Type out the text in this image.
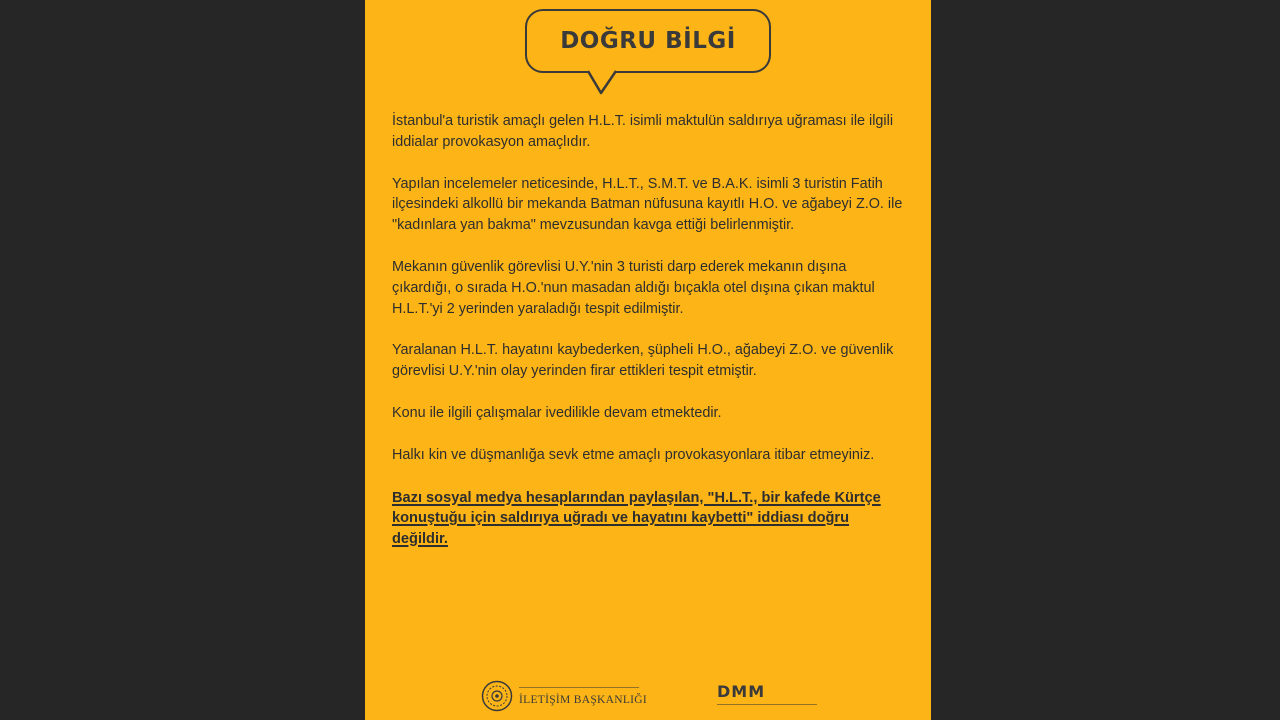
DOĞRU BİLGİ

İstanbul'a turistik amaçlı gelen H.L.T. isimli maktulün saldırıya uğraması ile ilgili iddialar provokasyon amaçlıdır.

Yapılan incelemeler neticesinde, H.L.T., S.M.T. ve B.A.K. isimli 3 turistin Fatih ilçesindeki alkollü bir mekanda Batman nüfusuna kayıtlı H.O. ve ağabeyi Z.O. ile "kadınlara yan bakma" mevzusundan kavga ettiği belirlenmiştir.

Mekanın güvenlik görevlisi U.Y.'nin 3 turisti darp ederek mekanın dışına çıkardığı, o sırada H.O.'nun masadan aldığı bıçakla otel dışına çıkan maktul H.L.T.'yi 2 yerinden yaraladığı tespit edilmiştir.

Yaralanan H.L.T. hayatını kaybederken, şüpheli H.O., ağabeyi Z.O. ve güvenlik görevlisi U.Y.'nin olay yerinden firar ettikleri tespit etmiştir.

Konu ile ilgili çalışmalar ivedilikle devam etmektedir.

Halkı kin ve düşmanlığa sevk etme amaçlı provokasyonlara itibar etmeyiniz.

Bazı sosyal medya hesaplarından paylaşılan, "H.L.T., bir kafede Kürtçe konuştuğu için saldırıya uğradı ve hayatını kaybetti" iddiası doğru değildir.

İLETİŞİM BAŞKANLIĞI	DMM
